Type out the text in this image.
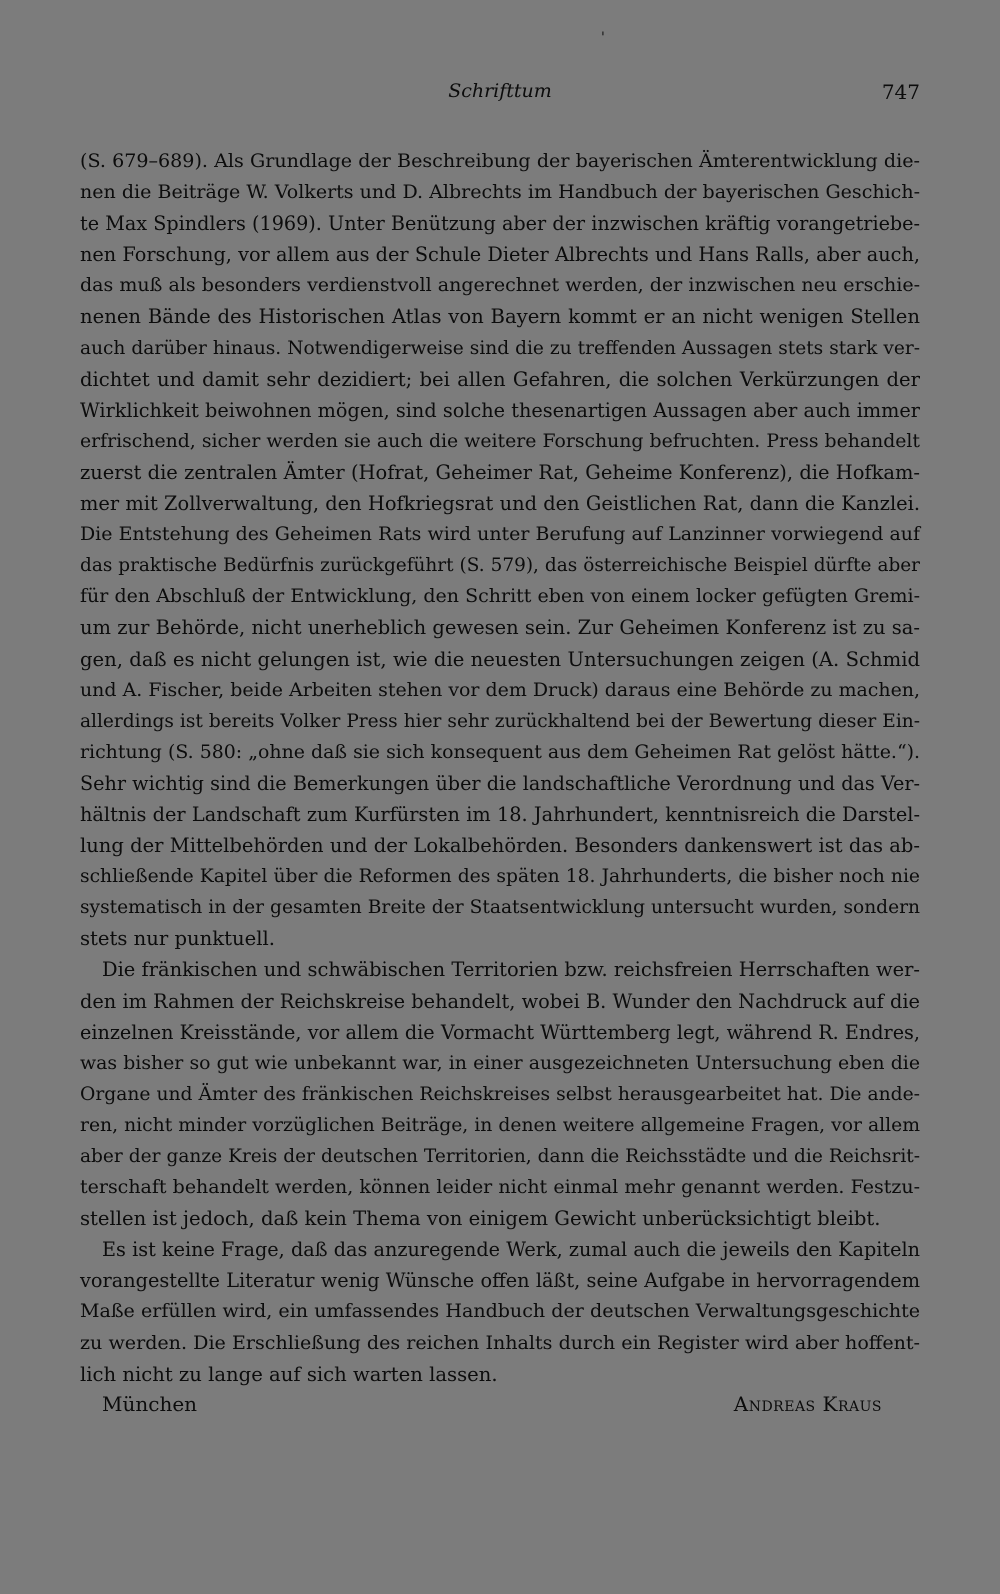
'
Schrifttum	747
(S. 679–689). Als Grundlage der Beschreibung der bayerischen Ämterentwicklung die-
nen die Beiträge W. Volkerts und D. Albrechts im Handbuch der bayerischen Geschich-
te Max Spindlers (1969). Unter Benützung aber der inzwischen kräftig vorangetriebe-
nen Forschung, vor allem aus der Schule Dieter Albrechts und Hans Ralls, aber auch,
das muß als besonders verdienstvoll angerechnet werden, der inzwischen neu erschie-
nenen Bände des Historischen Atlas von Bayern kommt er an nicht wenigen Stellen
auch darüber hinaus. Notwendigerweise sind die zu treffenden Aussagen stets stark ver-
dichtet und damit sehr dezidiert; bei allen Gefahren, die solchen Verkürzungen der
Wirklichkeit beiwohnen mögen, sind solche thesenartigen Aussagen aber auch immer
erfrischend, sicher werden sie auch die weitere Forschung befruchten. Press behandelt
zuerst die zentralen Ämter (Hofrat, Geheimer Rat, Geheime Konferenz), die Hofkam-
mer mit Zollverwaltung, den Hofkriegsrat und den Geistlichen Rat, dann die Kanzlei.
Die Entstehung des Geheimen Rats wird unter Berufung auf Lanzinner vorwiegend auf
das praktische Bedürfnis zurückgeführt (S. 579), das österreichische Beispiel dürfte aber
für den Abschluß der Entwicklung, den Schritt eben von einem locker gefügten Gremi-
um zur Behörde, nicht unerheblich gewesen sein. Zur Geheimen Konferenz ist zu sa-
gen, daß es nicht gelungen ist, wie die neuesten Untersuchungen zeigen (A. Schmid
und A. Fischer, beide Arbeiten stehen vor dem Druck) daraus eine Behörde zu machen,
allerdings ist bereits Volker Press hier sehr zurückhaltend bei der Bewertung dieser Ein-
richtung (S. 580: „ohne daß sie sich konsequent aus dem Geheimen Rat gelöst hätte.“).
Sehr wichtig sind die Bemerkungen über die landschaftliche Verordnung und das Ver-
hältnis der Landschaft zum Kurfürsten im 18. Jahrhundert, kenntnisreich die Darstel-
lung der Mittelbehörden und der Lokalbehörden. Besonders dankenswert ist das ab-
schließende Kapitel über die Reformen des späten 18. Jahrhunderts, die bisher noch nie
systematisch in der gesamten Breite der Staatsentwicklung untersucht wurden, sondern
stets nur punktuell.
Die fränkischen und schwäbischen Territorien bzw. reichsfreien Herrschaften wer-
den im Rahmen der Reichskreise behandelt, wobei B. Wunder den Nachdruck auf die
einzelnen Kreisstände, vor allem die Vormacht Württemberg legt, während R. Endres,
was bisher so gut wie unbekannt war, in einer ausgezeichneten Untersuchung eben die
Organe und Ämter des fränkischen Reichskreises selbst herausgearbeitet hat. Die ande-
ren, nicht minder vorzüglichen Beiträge, in denen weitere allgemeine Fragen, vor allem
aber der ganze Kreis der deutschen Territorien, dann die Reichsstädte und die Reichsrit-
terschaft behandelt werden, können leider nicht einmal mehr genannt werden. Festzu-
stellen ist jedoch, daß kein Thema von einigem Gewicht unberücksichtigt bleibt.
Es ist keine Frage, daß das anzuregende Werk, zumal auch die jeweils den Kapiteln
vorangestellte Literatur wenig Wünsche offen läßt, seine Aufgabe in hervorragendem
Maße erfüllen wird, ein umfassendes Handbuch der deutschen Verwaltungsgeschichte
zu werden. Die Erschließung des reichen Inhalts durch ein Register wird aber hoffent-
lich nicht zu lange auf sich warten lassen.
München	Andreas Kraus
